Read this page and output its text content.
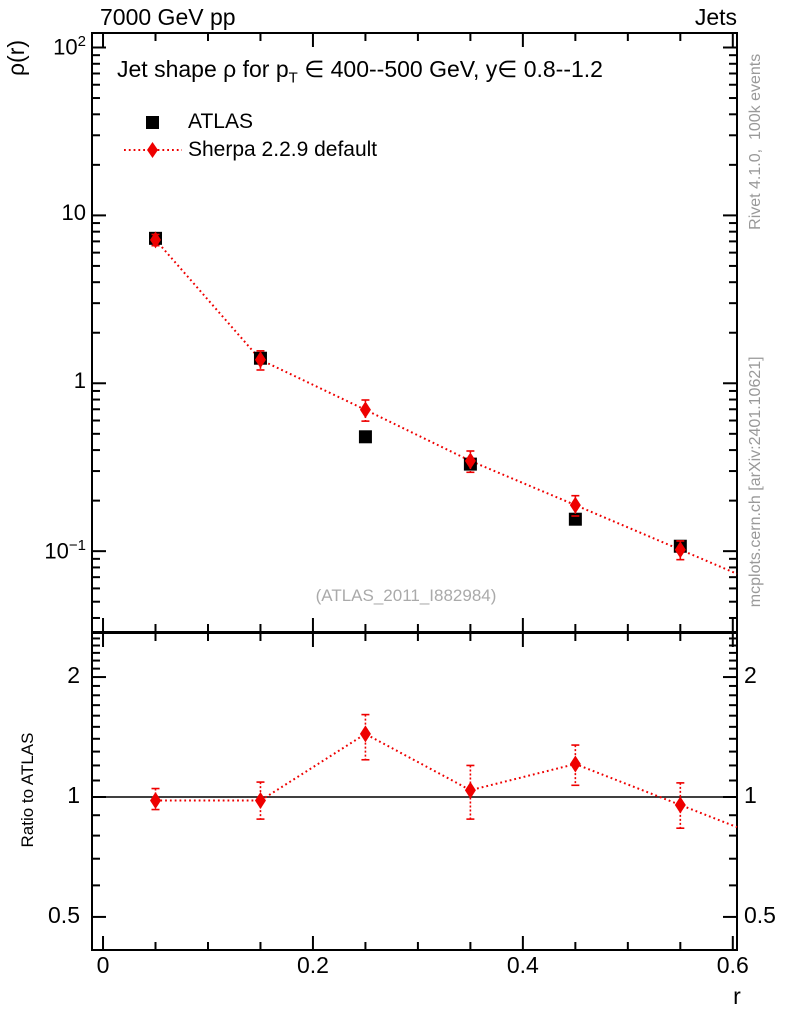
7000 GeV pp	Jets
Jet shape ρ for $p_T$ ∈ 400--500 GeV, y∈ 0.8--1.2
ρ(r)
Ratio to ATLAS
r
ATLAS
Sherpa 2.2.9 default
(ATLAS_2011_I882984)
Rivet 4.1.0,  100k events
mcplots.cern.ch [arXiv:2401.10621]
0	0.2	0.4	0.6
$10^{-1}$
1
10
$10^2$
0.5	0.5
1	1
2	2
